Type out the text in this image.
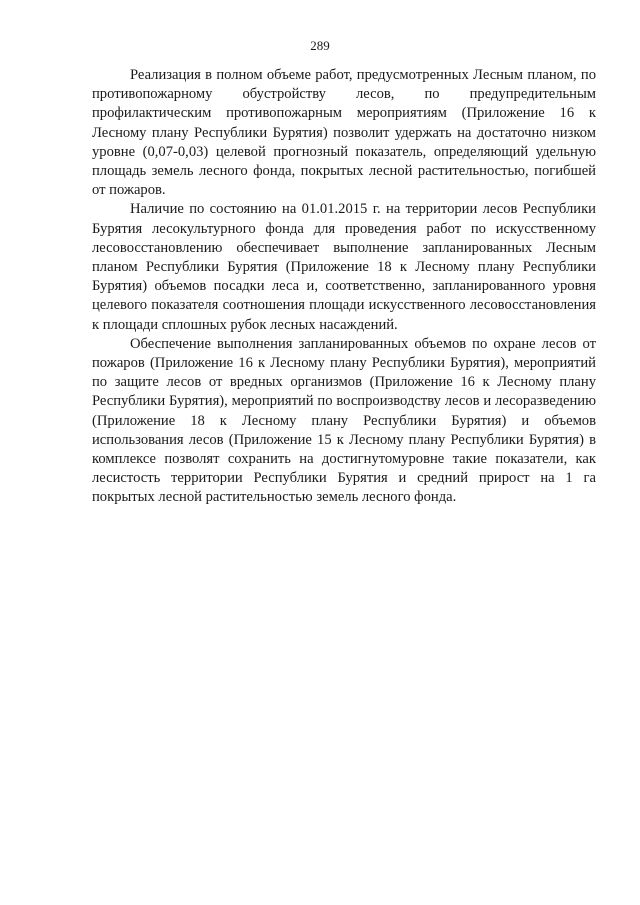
289

Реализация в полном объеме работ, предусмотренных Лесным планом, по противопожарному обустройству лесов, по предупредительным профилактическим противопожарным мероприятиям (Приложение 16 к Лесному плану Республики Бурятия) позволит удержать на достаточно низком уровне (0,07-0,03) целевой прогнозный показатель, определяющий удельную площадь земель лесного фонда, покрытых лесной растительностью, погибшей от пожаров.

Наличие по состоянию на 01.01.2015 г. на территории лесов Республики Бурятия лесокультурного фонда для проведения работ по искусственному лесовосстановлению обеспечивает выполнение запланированных Лесным планом Республики Бурятия (Приложение 18 к Лесному плану Республики Бурятия) объемов посадки леса и, соответственно, запланированного уровня целевого показателя соотношения площади искусственного лесовосстановления к площади сплошных рубок лесных насаждений.

Обеспечение выполнения запланированных объемов по охране лесов от пожаров (Приложение 16 к Лесному плану Республики Бурятия), мероприятий по защите лесов от вредных организмов (Приложение 16 к Лесному плану Республики Бурятия), мероприятий по воспроизводству лесов и лесоразведению (Приложение 18 к Лесному плану Республики Бурятия) и объемов использования лесов (Приложение 15 к Лесному плану Республики Бурятия) в комплексе позволят сохранить на достигнутомуровне такие показатели, как лесистость территории Республики Бурятия и средний прирост на 1 га покрытых лесной растительностью земель лесного фонда.
